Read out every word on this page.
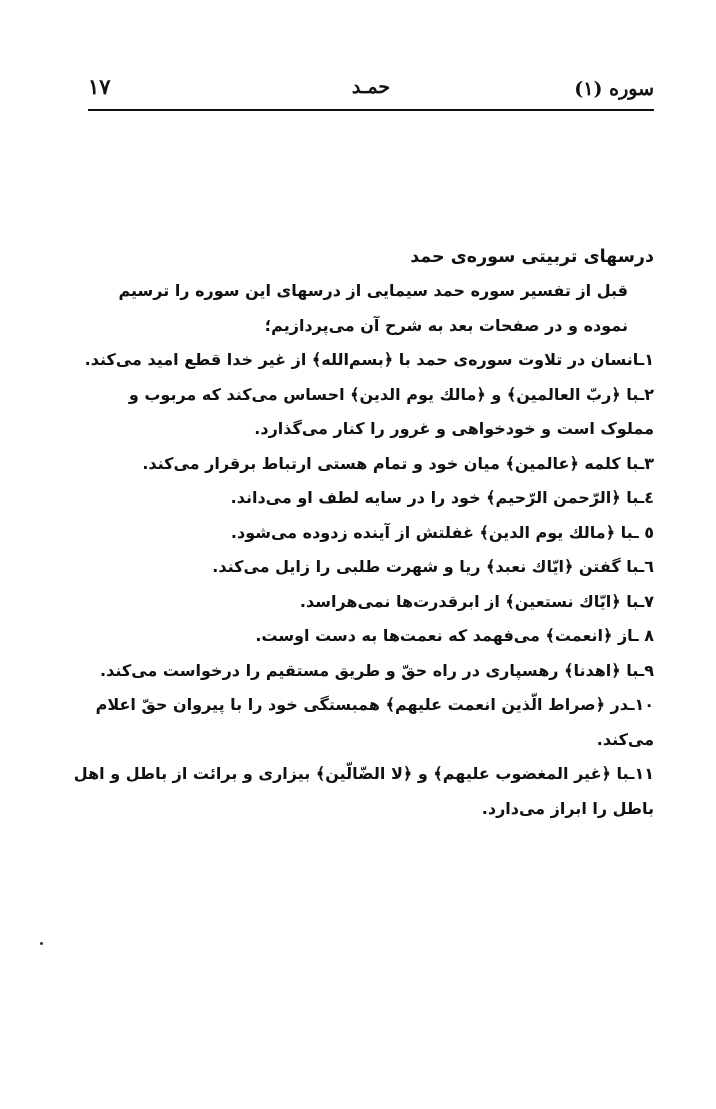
سوره (۱)
حمـد
۱۷

درسهای تربیتی سوره‌ی حمد

قبل از تفسیر سوره حمد سیمایی از درسهای این سوره را ترسیم نموده و در صفحات بعد به شرح آن می‌پردازیم؛

۱ـانسان در تلاوت سوره‌ی حمد با ﴿بسم‌الله﴾ از غیر خدا قطع امید می‌کند.
۲ـبا ﴿ربّ العالمین﴾ و ﴿مالك یوم الدین﴾ احساس می‌کند که مربوب و مملوک است و خودخواهی و غرور را کنار می‌گذارد.
۳ـبا کلمه ﴿عالمین﴾ میان خود و تمام هستی ارتباط برقرار می‌کند.
٤ـبا ﴿الرّحمن الرّحیم﴾ خود را در سایه لطف او می‌داند.
٥ ـبا ﴿مالك یوم الدین﴾ غفلتش از آینده زدوده می‌شود.
٦ـبا گفتن ﴿ایّاك نعبد﴾ ریا و شهرت طلبی را زایل می‌کند.
۷ـبا ﴿ایّاك نستعین﴾ از ابرقدرت‌ها نمی‌هراسد.
۸ ـاز ﴿انعمت﴾ می‌فهمد که نعمت‌ها به دست اوست.
۹ـبا ﴿اهدنا﴾ رهسپاری در راه حقّ و طریق مستقیم را درخواست می‌کند.
۱۰ـدر ﴿صراط الّذین انعمت علیهم﴾ همبستگی خود را با پیروان حقّ اعلام می‌کند.
۱۱ـبا ﴿غیر المغضوب علیهم﴾ و ﴿لا الضّالّین﴾ بیزاری و برائت از باطل و اهل باطل را ابراز می‌دارد.
